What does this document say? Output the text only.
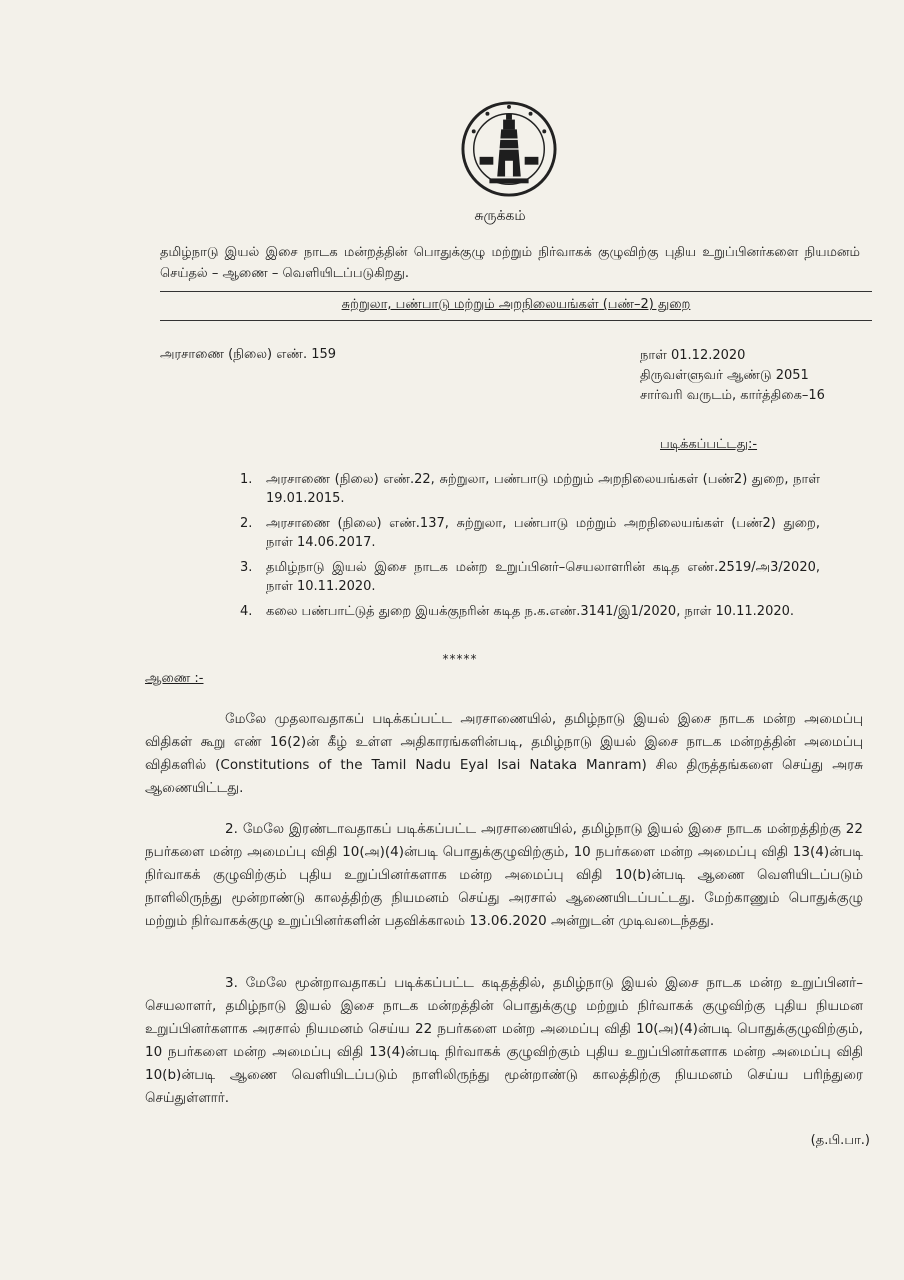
சுருக்கம்
தமிழ்நாடு இயல் இசை நாடக மன்றத்தின் பொதுக்குழு மற்றும் நிர்வாகக் குழுவிற்கு புதிய உறுப்பினர்களை நியமனம் செய்தல் – ஆணை – வெளியிடப்படுகிறது.
சுற்றுலா, பண்பாடு மற்றும் அறநிலையங்கள் (பண்–2) துறை
அரசாணை (நிலை) எண். 159	நாள் 01.12.2020
திருவள்ளுவர் ஆண்டு 2051
சார்வரி வருடம், கார்த்திகை–16
படிக்கப்பட்டது:-
1.	அரசாணை (நிலை) எண்.22, சுற்றுலா, பண்பாடு மற்றும் அறநிலையங்கள் (பண்2) துறை, நாள் 19.01.2015.
2.	அரசாணை (நிலை) எண்.137, சுற்றுலா, பண்பாடு மற்றும் அறநிலையங்கள் (பண்2) துறை, நாள் 14.06.2017.
3.	தமிழ்நாடு இயல் இசை நாடக மன்ற உறுப்பினர்–செயலாளரின் கடித எண்.2519/அ3/2020, நாள் 10.11.2020.
4.	கலை பண்பாட்டுத் துறை இயக்குநரின் கடித ந.க.எண்.3141/இ1/2020, நாள் 10.11.2020.
*****
ஆணை :-

மேலே முதலாவதாகப் படிக்கப்பட்ட அரசாணையில், தமிழ்நாடு இயல் இசை நாடக மன்ற அமைப்பு விதிகள் கூறு எண் 16(2)ன் கீழ் உள்ள அதிகாரங்களின்படி, தமிழ்நாடு இயல் இசை நாடக மன்றத்தின் அமைப்பு விதிகளில் (Constitutions of the Tamil Nadu Eyal Isai Nataka Manram) சில திருத்தங்களை செய்து அரசு ஆணையிட்டது.

2. மேலே இரண்டாவதாகப் படிக்கப்பட்ட அரசாணையில், தமிழ்நாடு இயல் இசை நாடக மன்றத்திற்கு 22 நபர்களை மன்ற அமைப்பு விதி 10(அ)(4)ன்படி பொதுக்குழுவிற்கும், 10 நபர்களை மன்ற அமைப்பு விதி 13(4)ன்படி நிர்வாகக் குழுவிற்கும் புதிய உறுப்பினர்களாக மன்ற அமைப்பு விதி 10(b)ன்படி ஆணை வெளியிடப்படும் நாளிலிருந்து மூன்றாண்டு காலத்திற்கு நியமனம் செய்து அரசால் ஆணையிடப்பட்டது. மேற்காணும் பொதுக்குழு மற்றும் நிர்வாகக்குழு உறுப்பினர்களின் பதவிக்காலம் 13.06.2020 அன்றுடன் முடிவடைந்தது.

3. மேலே மூன்றாவதாகப் படிக்கப்பட்ட கடிதத்தில், தமிழ்நாடு இயல் இசை நாடக மன்ற உறுப்பினர்–செயலாளர், தமிழ்நாடு இயல் இசை நாடக மன்றத்தின் பொதுக்குழு மற்றும் நிர்வாகக் குழுவிற்கு புதிய நியமன உறுப்பினர்களாக அரசால் நியமனம் செய்ய 22 நபர்களை மன்ற அமைப்பு விதி 10(அ)(4)ன்படி பொதுக்குழுவிற்கும், 10 நபர்களை மன்ற அமைப்பு விதி 13(4)ன்படி நிர்வாகக் குழுவிற்கும் புதிய உறுப்பினர்களாக மன்ற அமைப்பு விதி 10(b)ன்படி ஆணை வெளியிடப்படும் நாளிலிருந்து மூன்றாண்டு காலத்திற்கு நியமனம் செய்ய பரிந்துரை செய்துள்ளார்.

(த.பி.பா.)
